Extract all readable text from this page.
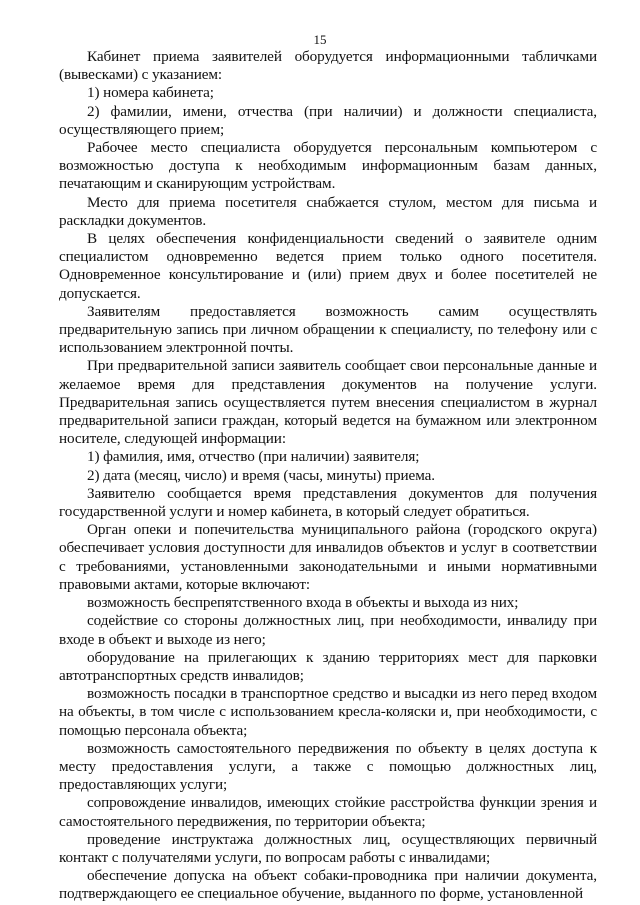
15

Кабинет приема заявителей оборудуется информационными табличками (вывесками) с указанием:

1) номера кабинета;

2) фамилии, имени, отчества (при наличии) и должности специалиста, осуществляющего прием;

Рабочее место специалиста оборудуется персональным компьютером с возможностью доступа к необходимым информационным базам данных, печатающим и сканирующим устройствам.

Место для приема посетителя снабжается стулом, местом для письма и раскладки документов.

В целях обеспечения конфиденциальности сведений о заявителе одним специалистом одновременно ведется прием только одного посетителя. Одновременное консультирование и (или) прием двух и более посетителей не допускается.

Заявителям предоставляется возможность самим осуществлять предварительную запись при личном обращении к специалисту, по телефону или с использованием электронной почты.

При предварительной записи заявитель сообщает свои персональные данные и желаемое время для представления документов на получение услуги. Предварительная запись осуществляется путем внесения специалистом в журнал предварительной записи граждан, который ведется на бумажном или электронном носителе, следующей информации:

1) фамилия, имя, отчество (при наличии) заявителя;

2) дата (месяц, число) и время (часы, минуты) приема.

Заявителю сообщается время представления документов для получения государственной услуги и номер кабинета, в который следует обратиться.

Орган опеки и попечительства муниципального района (городского округа) обеспечивает условия доступности для инвалидов объектов и услуг в соответствии с требованиями, установленными законодательными и иными нормативными правовыми актами, которые включают:

возможность беспрепятственного входа в объекты и выхода из них;

содействие со стороны должностных лиц, при необходимости, инвалиду при входе в объект и выходе из него;

оборудование на прилегающих к зданию территориях мест для парковки автотранспортных средств инвалидов;

возможность посадки в транспортное средство и высадки из него перед входом на объекты, в том числе с использованием кресла-коляски и, при необходимости, с помощью персонала объекта;

возможность самостоятельного передвижения по объекту в целях доступа к месту предоставления услуги, а также с помощью должностных лиц, предоставляющих услуги;

сопровождение инвалидов, имеющих стойкие расстройства функции зрения и самостоятельного передвижения, по территории объекта;

проведение инструктажа должностных лиц, осуществляющих первичный контакт с получателями услуги, по вопросам работы с инвалидами;

обеспечение допуска на объект собаки-проводника при наличии документа, подтверждающего ее специальное обучение, выданного по форме, установленной
